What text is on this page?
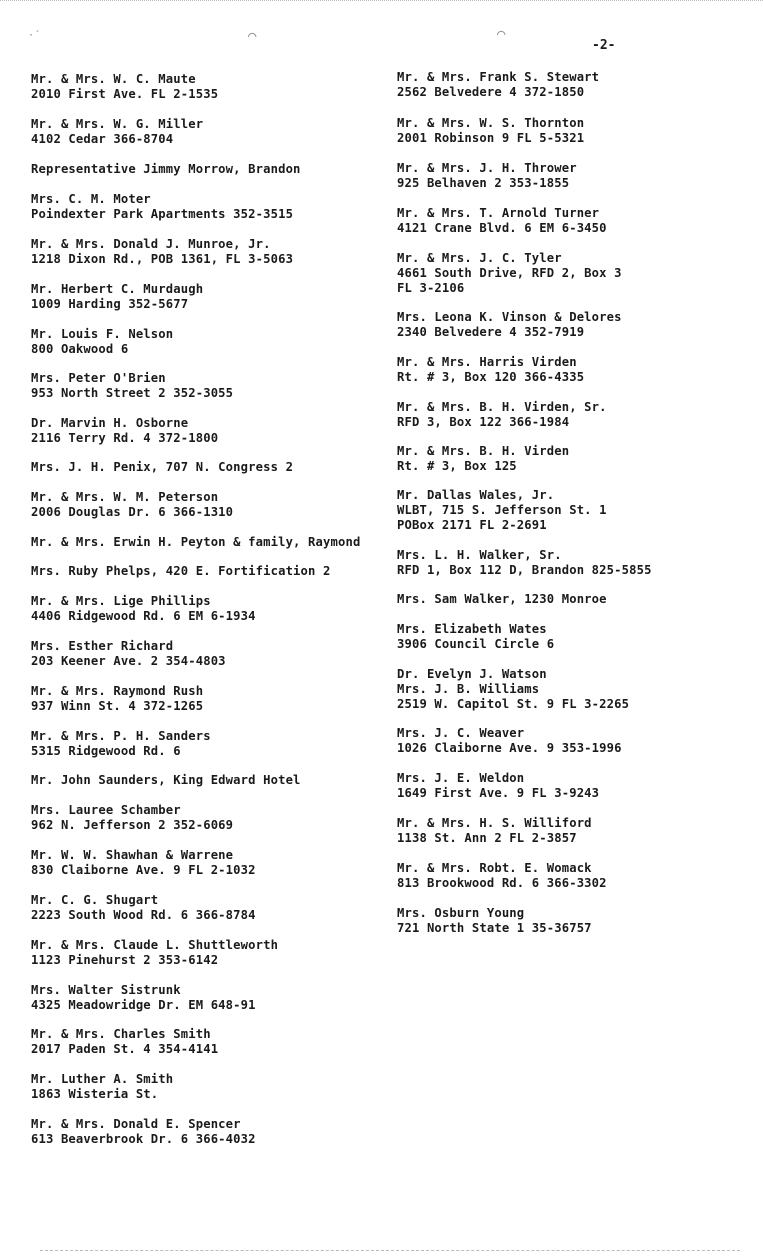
⌒	⌒
·´
-2-
Mr. & Mrs. W. C. Maute
2010 First Ave. FL 2-1535
Mr. & Mrs. W. G. Miller
4102 Cedar 366-8704
Representative Jimmy Morrow, Brandon
Mrs. C. M. Moter
Poindexter Park Apartments 352-3515
Mr. & Mrs. Donald J. Munroe, Jr.
1218 Dixon Rd., POB 1361, FL 3-5063
Mr. Herbert C. Murdaugh
1009 Harding 352-5677
Mr. Louis F. Nelson
800 Oakwood 6
Mrs. Peter O'Brien
953 North Street 2 352-3055
Dr. Marvin H. Osborne
2116 Terry Rd. 4 372-1800
Mrs. J. H. Penix, 707 N. Congress 2
Mr. & Mrs. W. M. Peterson
2006 Douglas Dr. 6 366-1310
Mr. & Mrs. Erwin H. Peyton & family, Raymond
Mrs. Ruby Phelps, 420 E. Fortification 2
Mr. & Mrs. Lige Phillips
4406 Ridgewood Rd. 6 EM 6-1934
Mrs. Esther Richard
203 Keener Ave. 2 354-4803
Mr. & Mrs. Raymond Rush
937 Winn St. 4 372-1265
Mr. & Mrs. P. H. Sanders
5315 Ridgewood Rd. 6
Mr. John Saunders, King Edward Hotel
Mrs. Lauree Schamber
962 N. Jefferson 2 352-6069
Mr. W. W. Shawhan & Warrene
830 Claiborne Ave. 9 FL 2-1032
Mr. C. G. Shugart
2223 South Wood Rd. 6 366-8784
Mr. & Mrs. Claude L. Shuttleworth
1123 Pinehurst 2 353-6142
Mrs. Walter Sistrunk
4325 Meadowridge Dr. EM 648-91
Mr. & Mrs. Charles Smith
2017 Paden St. 4 354-4141
Mr. Luther A. Smith
1863 Wisteria St.
Mr. & Mrs. Donald E. Spencer
613 Beaverbrook Dr. 6 366-4032
Mr. & Mrs. Frank S. Stewart
2562 Belvedere 4 372-1850
Mr. & Mrs. W. S. Thornton
2001 Robinson 9 FL 5-5321
Mr. & Mrs. J. H. Thrower
925 Belhaven 2 353-1855
Mr. & Mrs. T. Arnold Turner
4121 Crane Blvd. 6 EM 6-3450
Mr. & Mrs. J. C. Tyler
4661 South Drive, RFD 2, Box 3
FL 3-2106
Mrs. Leona K. Vinson & Delores
2340 Belvedere 4 352-7919
Mr. & Mrs. Harris Virden
Rt. # 3, Box 120 366-4335
Mr. & Mrs. B. H. Virden, Sr.
RFD 3, Box 122 366-1984
Mr. & Mrs. B. H. Virden
Rt. # 3, Box 125
Mr. Dallas Wales, Jr.
WLBT, 715 S. Jefferson St. 1
POBox 2171 FL 2-2691
Mrs. L. H. Walker, Sr.
RFD 1, Box 112 D, Brandon 825-5855
Mrs. Sam Walker, 1230 Monroe
Mrs. Elizabeth Wates
3906 Council Circle 6
Dr. Evelyn J. Watson
Mrs. J. B. Williams
2519 W. Capitol St. 9 FL 3-2265
Mrs. J. C. Weaver
1026 Claiborne Ave. 9 353-1996
Mrs. J. E. Weldon
1649 First Ave. 9 FL 3-9243
Mr. & Mrs. H. S. Williford
1138 St. Ann 2 FL 2-3857
Mr. & Mrs. Robt. E. Womack
813 Brookwood Rd. 6 366-3302
Mrs. Osburn Young
721 North State 1 35-36757
